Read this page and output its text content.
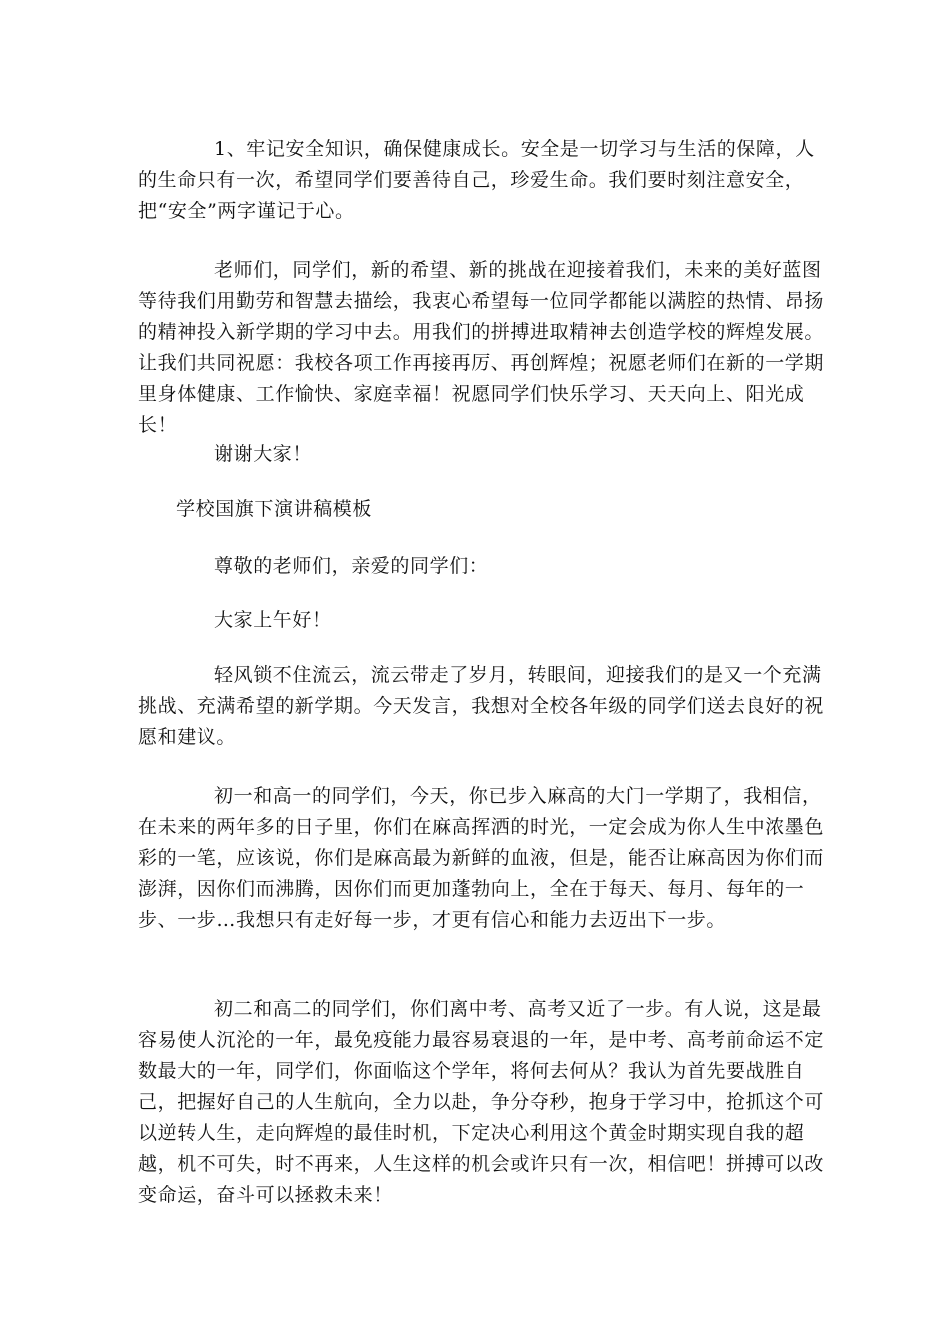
1、牢记安全知识，确保健康成长。安全是一切学习与生活的保障，人的生命只有一次，希望同学们要善待自己，珍爱生命。我们要时刻注意安全，把“安全”两字谨记于心。

老师们，同学们，新的希望、新的挑战在迎接着我们，未来的美好蓝图等待我们用勤劳和智慧去描绘，我衷心希望每一位同学都能以满腔的热情、昂扬的精神投入新学期的学习中去。用我们的拼搏进取精神去创造学校的辉煌发展。让我们共同祝愿：我校各项工作再接再厉、再创辉煌；祝愿老师们在新的一学期里身体健康、工作愉快、家庭幸福！祝愿同学们快乐学习、天天向上、阳光成长！

谢谢大家！

学校国旗下演讲稿模板

尊敬的老师们，亲爱的同学们：

大家上午好！

轻风锁不住流云，流云带走了岁月，转眼间，迎接我们的是又一个充满挑战、充满希望的新学期。今天发言，我想对全校各年级的同学们送去良好的祝愿和建议。

初一和高一的同学们，今天，你已步入麻高的大门一学期了，我相信，在未来的两年多的日子里，你们在麻高挥洒的时光，一定会成为你人生中浓墨色彩的一笔，应该说，你们是麻高最为新鲜的血液，但是，能否让麻高因为你们而澎湃，因你们而沸腾，因你们而更加蓬勃向上，全在于每天、每月、每年的一步、一步…我想只有走好每一步，才更有信心和能力去迈出下一步。

初二和高二的同学们，你们离中考、高考又近了一步。有人说，这是最容易使人沉沦的一年，最免疫能力最容易衰退的一年，是中考、高考前命运不定数最大的一年，同学们，你面临这个学年，将何去何从？我认为首先要战胜自己，把握好自己的人生航向，全力以赴，争分夺秒，抱身于学习中，抢抓这个可以逆转人生，走向辉煌的最佳时机，下定决心利用这个黄金时期实现自我的超越，机不可失，时不再来，人生这样的机会或许只有一次，相信吧！拼搏可以改变命运，奋斗可以拯救未来！
